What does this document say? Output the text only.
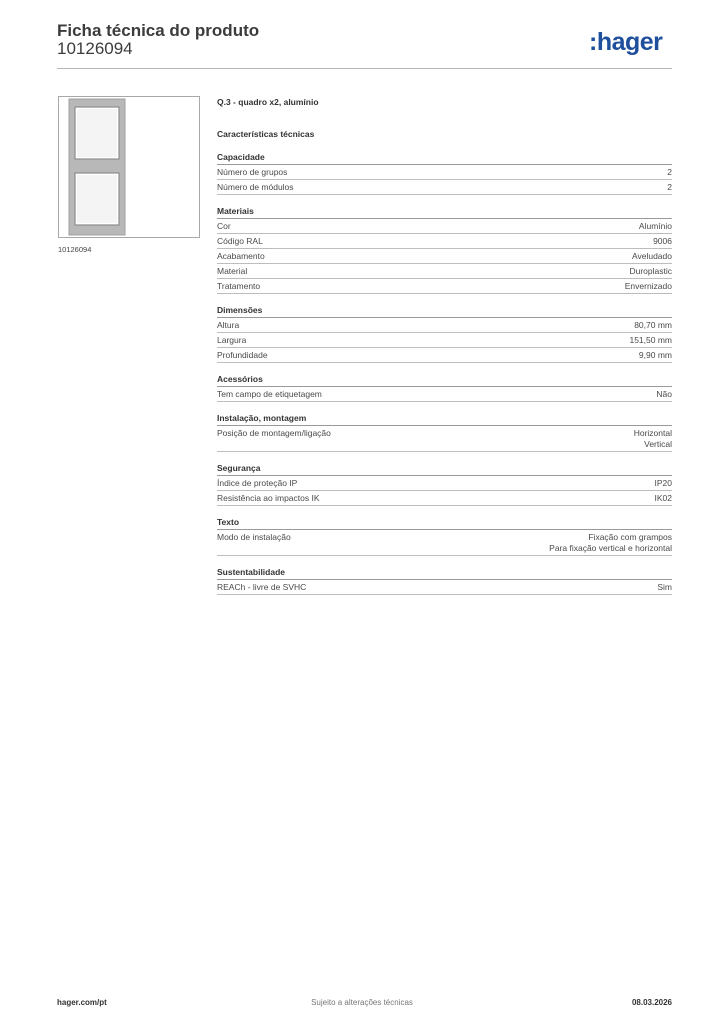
Ficha técnica do produto
10126094	:hager
10126094
Q.3 - quadro x2, alumínio
Características técnicas
Capacidade
Número de grupos	2
Número de módulos	2
Materiais
Cor	Alumínio
Código RAL	9006
Acabamento	Aveludado
Material	Duroplastic
Tratamento	Envernizado
Dimensões
Altura	80,70 mm
Largura	151,50 mm
Profundidade	9,90 mm
Acessórios
Tem campo de etiquetagem	Não
Instalação, montagem
Posição de montagem/ligação	Horizontal
Vertical
Segurança
Índice de proteção IP	IP20
Resistência ao impactos IK	IK02
Texto
Modo de instalação	Fixação com grampos
Para fixação vertical e horizontal
Sustentabilidade
REACh - livre de SVHC	Sim
hager.com/pt	Sujeito a alterações técnicas	08.03.2026
